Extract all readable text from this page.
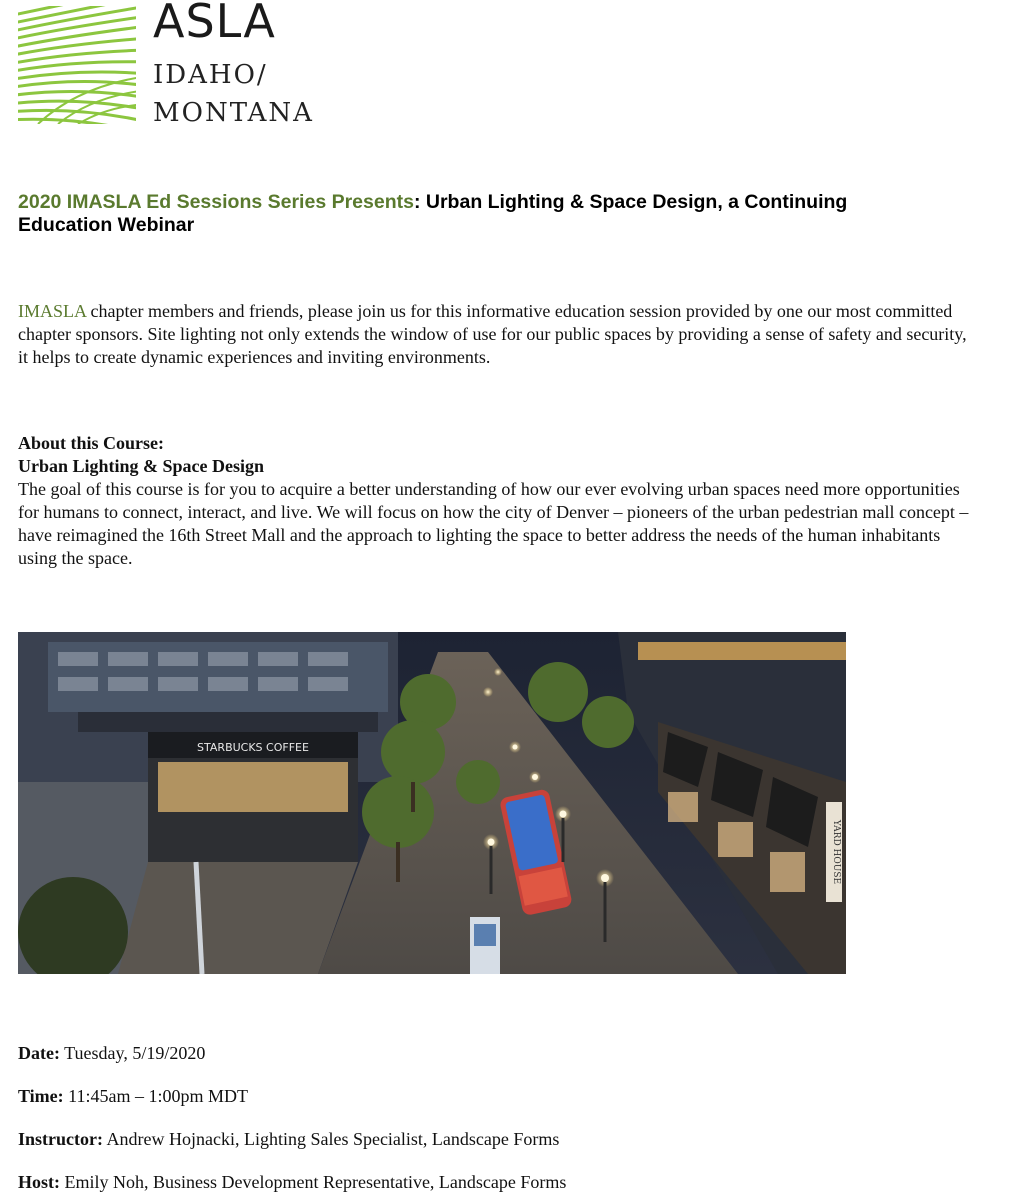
ASLA
IDAHO/
MONTANA
2020 IMASLA Ed Sessions Series Presents: Urban Lighting & Space Design, a Continuing Education Webinar
IMASLA chapter members and friends, please join us for this informative education session provided by one our most committed chapter sponsors. Site lighting not only extends the window of use for our public spaces by providing a sense of safety and security, it helps to create dynamic experiences and inviting environments.
About this Course:
Urban Lighting & Space Design
The goal of this course is for you to acquire a better understanding of how our ever evolving urban spaces need more opportunities for humans to connect, interact, and live. We will focus on how the city of Denver – pioneers of the urban pedestrian mall concept – have reimagined the 16th Street Mall and the approach to lighting the space to better address the needs of the human inhabitants using the space.
STARBUCKS COFFEE
YARD HOUSE
Date: Tuesday, 5/19/2020
Time: 11:45am – 1:00pm MDT
Instructor: Andrew Hojnacki, Lighting Sales Specialist, Landscape Forms
Host: Emily Noh, Business Development Representative, Landscape Forms
